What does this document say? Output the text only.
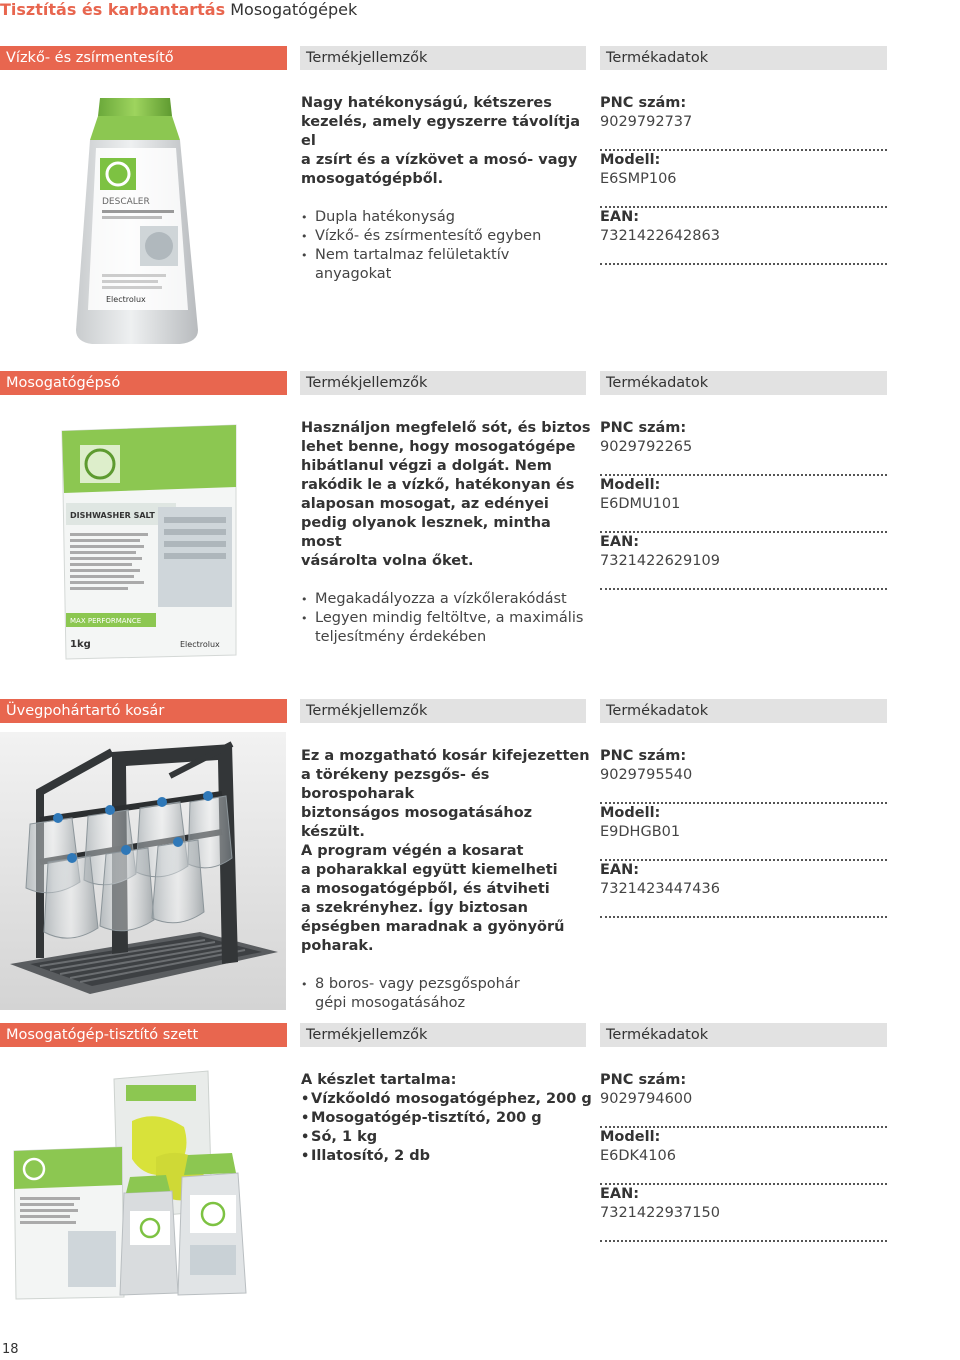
Tisztítás és karbantartás Mosogatógépek
Vízkő- és zsírmentesítő	Termékjellemzők	Termékadatok
DESCALER
Electrolux
Nagy hatékonyságú, kétszeres
kezelés, amely egyszerre távolítja el
a zsírt és a vízkövet a mosó- vagy
mosogatógépből.
• Dupla hatékonyság
• Vízkő- és zsírmentesítő egyben
• Nem tartalmaz felületaktív
anyagokat
PNC szám:
9029792737
Modell:
E6SMP106
EAN:
7321422642863
Mosogatógépsó	Termékjellemzők	Termékadatok
DISHWASHER SALT
MAX PERFORMANCE
1kg	Electrolux
Használjon megfelelő sót, és biztos
lehet benne, hogy mosogatógépe
hibátlanul végzi a dolgát. Nem
rakódik le a vízkő, hatékonyan és
alaposan mosogat, az edényei
pedig olyanok lesznek, mintha most
vásárolta volna őket.
• Megakadályozza a vízkőlerakódást
• Legyen mindig feltöltve, a maximális
teljesítmény érdekében
PNC szám:
9029792265
Modell:
E6DMU101
EAN:
7321422629109
Üvegpohártartó kosár	Termékjellemzők	Termékadatok
Ez a mozgatható kosár kifejezetten
a törékeny pezsgős- és borospoharak
biztonságos mosogatásához készült.
A program végén a kosarat
a poharakkal együtt kiemelheti
a mosogatógépből, és átviheti
a szekrényhez. Így biztosan
épségben maradnak a gyönyörű
poharak.
• 8 boros- vagy pezsgőspohár
gépi mosogatásához
PNC szám:
9029795540
Modell:
E9DHGB01
EAN:
7321423447436
Mosogatógép-tisztító szett	Termékjellemzők	Termékadatok
A készlet tartalma:
• Vízkőoldó mosogatógéphez, 200 g
• Mosogatógép-tisztító, 200 g
• Só, 1 kg
• Illatosító, 2 db
PNC szám:
9029794600
Modell:
E6DK4106
EAN:
7321422937150
18
